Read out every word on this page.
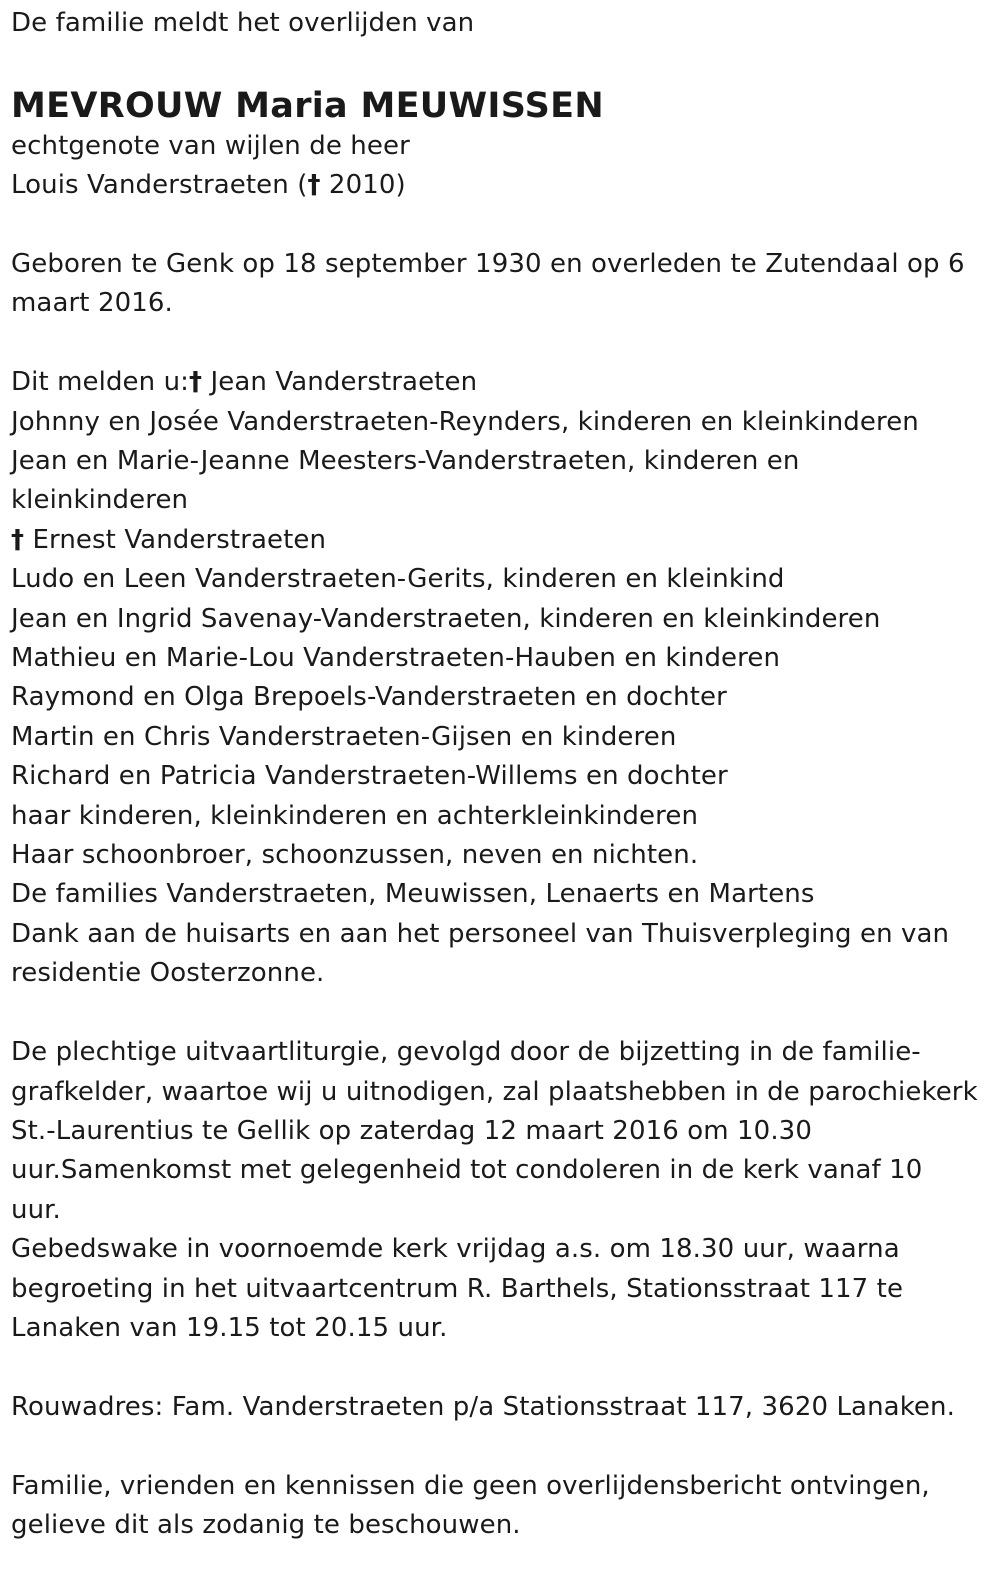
De familie meldt het overlijden van
MEVROUW Maria MEUWISSEN
echtgenote van wijlen de heer
Louis Vanderstraeten († 2010)
Geboren te Genk op 18 september 1930 en overleden te Zutendaal op 6
maart 2016.
Dit melden u:† Jean Vanderstraeten
Johnny en Josée Vanderstraeten-Reynders, kinderen en kleinkinderen
Jean en Marie-Jeanne Meesters-Vanderstraeten, kinderen en
kleinkinderen
† Ernest Vanderstraeten
Ludo en Leen Vanderstraeten-Gerits, kinderen en kleinkind
Jean en Ingrid Savenay-Vanderstraeten, kinderen en kleinkinderen
Mathieu en Marie-Lou Vanderstraeten-Hauben en kinderen
Raymond en Olga Brepoels-Vanderstraeten en dochter
Martin en Chris Vanderstraeten-Gijsen en kinderen
Richard en Patricia Vanderstraeten-Willems en dochter
haar kinderen, kleinkinderen en achterkleinkinderen
Haar schoonbroer, schoonzussen, neven en nichten.
De families Vanderstraeten, Meuwissen, Lenaerts en Martens
Dank aan de huisarts en aan het personeel van Thuisverpleging en van
residentie Oosterzonne.
De plechtige uitvaartliturgie, gevolgd door de bijzetting in de familie-
grafkelder, waartoe wij u uitnodigen, zal plaatshebben in de parochiekerk
St.-Laurentius te Gellik op zaterdag 12 maart 2016 om 10.30
uur.Samenkomst met gelegenheid tot condoleren in de kerk vanaf 10
uur.
Gebedswake in voornoemde kerk vrijdag a.s. om 18.30 uur, waarna
begroeting in het uitvaartcentrum R. Barthels, Stationsstraat 117 te
Lanaken van 19.15 tot 20.15 uur.
Rouwadres: Fam. Vanderstraeten p/a Stationsstraat 117, 3620 Lanaken.
Familie, vrienden en kennissen die geen overlijdensbericht ontvingen,
gelieve dit als zodanig te beschouwen.
